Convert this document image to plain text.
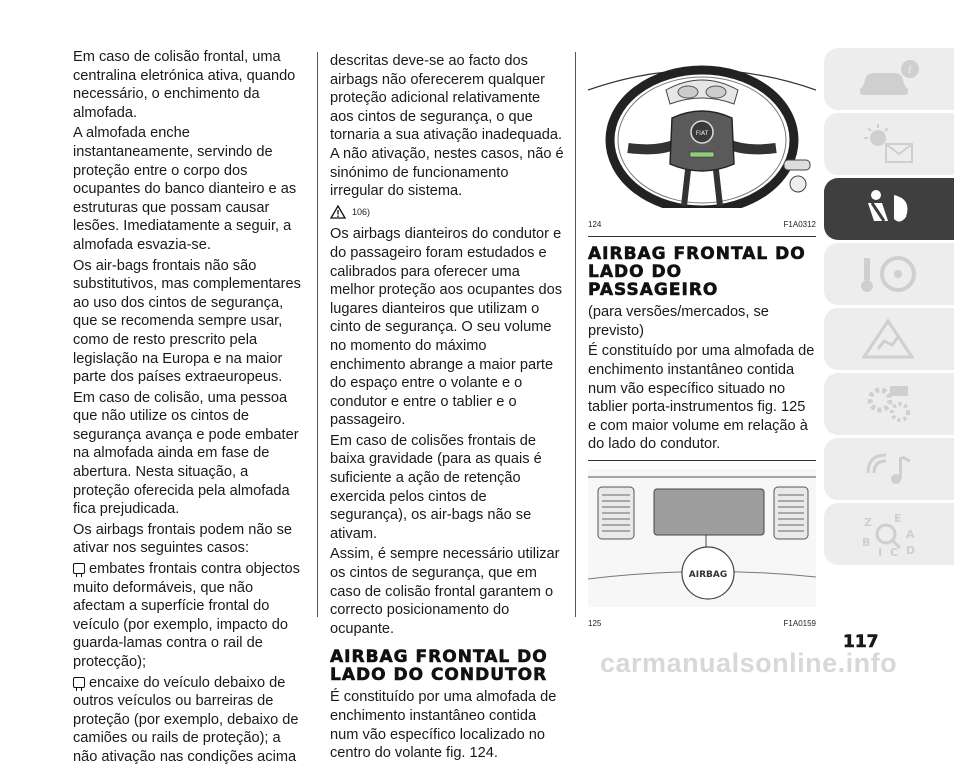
Em caso de colisão frontal, uma centralina eletrónica ativa, quando necessário, o enchimento da almofada.

A almofada enche instantaneamente, servindo de proteção entre o corpo dos ocupantes do banco dianteiro e as estruturas que possam causar lesões. Imediatamente a seguir, a almofada esvazia-se.

Os air-bags frontais não são substitutivos, mas complementares ao uso dos cintos de segurança, que se recomenda sempre usar, como de resto prescrito pela legislação na Europa e na maior parte dos países extraeuropeus.

Em caso de colisão, uma pessoa que não utilize os cintos de segurança avança e pode embater na almofada ainda em fase de abertura. Nesta situação, a proteção oferecida pela almofada fica prejudicada.

Os airbags frontais podem não se ativar nos seguintes casos:

embates frontais contra objectos muito deformáveis, que não afectam a superfície frontal do veículo (por exemplo, impacto do guarda-lamas contra o rail de protecção);

encaixe do veículo debaixo de outros veículos ou barreiras de proteção (por exemplo, debaixo de camiões ou rails de proteção); a não ativação nas condições acima

descritas deve-se ao facto dos airbags não oferecerem qualquer proteção adicional relativamente aos cintos de segurança, o que tornaria a sua ativação inadequada. A não ativação, nestes casos, não é sinónimo de funcionamento irregular do sistema.

106)

Os airbags dianteiros do condutor e do passageiro foram estudados e calibrados para oferecer uma melhor proteção aos ocupantes dos lugares dianteiros que utilizam o cinto de segurança. O seu volume no momento do máximo enchimento abrange a maior parte do espaço entre o volante e o condutor e entre o tablier e o passageiro.

Em caso de colisões frontais de baixa gravidade (para as quais é suficiente a ação de retenção exercida pelos cintos de segurança), os air-bags não se ativam.

Assim, é sempre necessário utilizar os cintos de segurança, que em caso de colisão frontal garantem o correcto posicionamento do ocupante.

AIRBAG FRONTAL DO LADO DO CONDUTOR

É constituído por uma almofada de enchimento instantâneo contida num vão específico localizado no centro do volante fig. 124.

FIAT
124	F1A0312
AIRBAG FRONTAL DO LADO DO PASSAGEIRO

(para versões/mercados, se previsto)

É constituído por uma almofada de enchimento instantâneo contida num vão específico situado no tablier porta-instrumentos fig. 125 e com maior volume em relação à do lado do condutor.

AIRBAG
125	F1A0159
i
Z E
B
A
I C D
117
carmanualsonline.info
